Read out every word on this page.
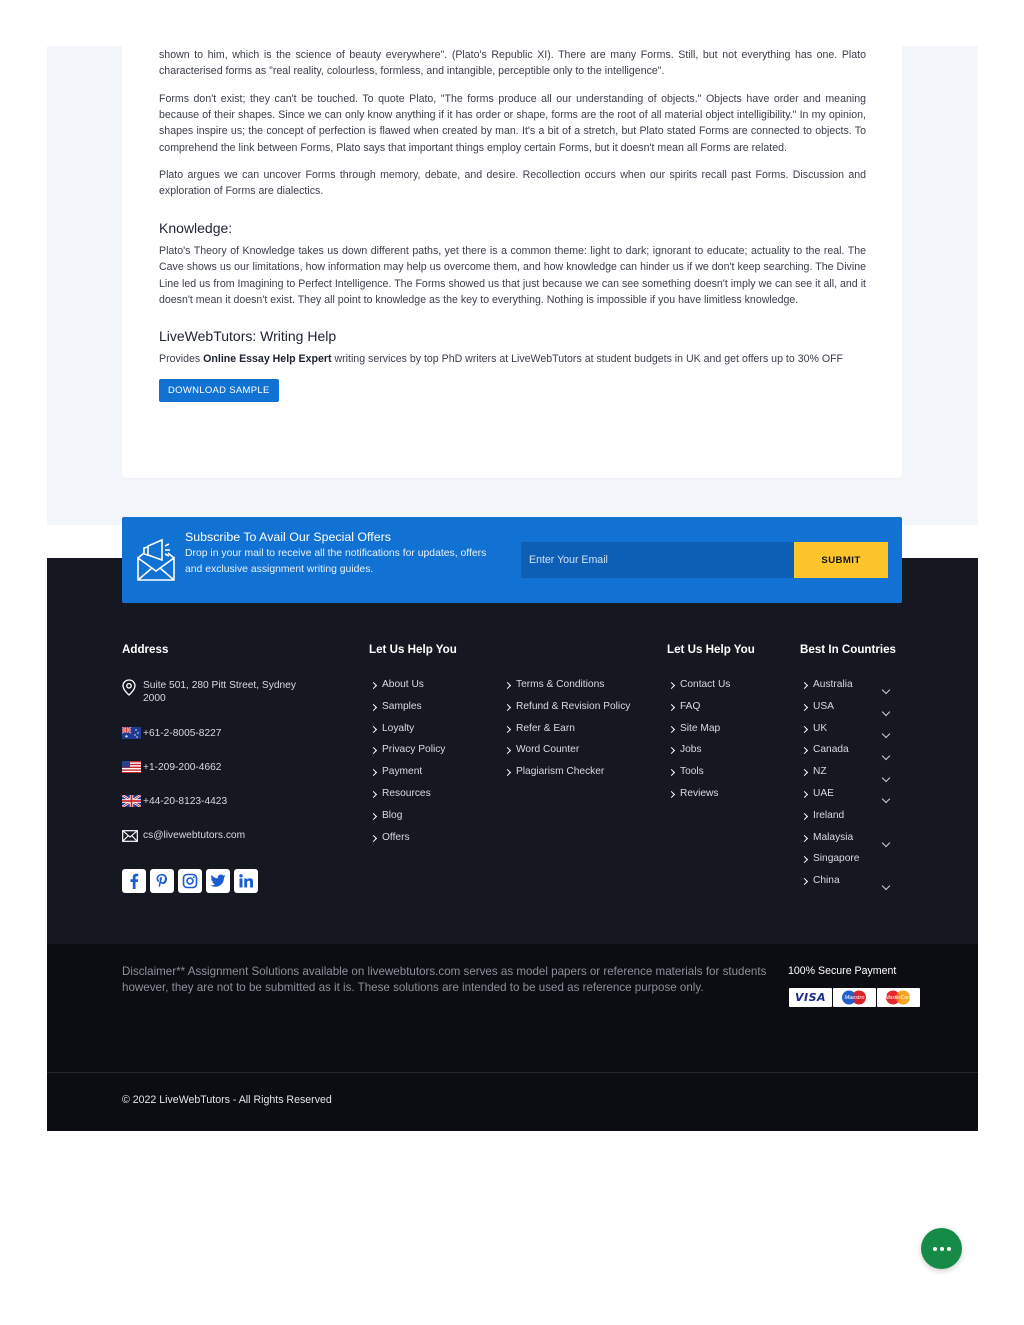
shown to him, which is the science of beauty everywhere". (Plato's Republic XI). There are many Forms. Still, but not everything has one. Plato characterised forms as "real reality, colourless, formless, and intangible, perceptible only to the intelligence".

Forms don't exist; they can't be touched. To quote Plato, "The forms produce all our understanding of objects." Objects have order and meaning because of their shapes. Since we can only know anything if it has order or shape, forms are the root of all material object intelligibility." In my opinion, shapes inspire us; the concept of perfection is flawed when created by man. It's a bit of a stretch, but Plato stated Forms are connected to objects. To comprehend the link between Forms, Plato says that important things employ certain Forms, but it doesn't mean all Forms are related.

Plato argues we can uncover Forms through memory, debate, and desire. Recollection occurs when our spirits recall past Forms. Discussion and exploration of Forms are dialectics.

Knowledge:

Plato's Theory of Knowledge takes us down different paths, yet there is a common theme: light to dark; ignorant to educate; actuality to the real. The Cave shows us our limitations, how information may help us overcome them, and how knowledge can hinder us if we don't keep searching. The Divine Line led us from Imagining to Perfect Intelligence. The Forms showed us that just because we can see something doesn't imply we can see it all, and it doesn't mean it doesn't exist. They all point to knowledge as the key to everything. Nothing is impossible if you have limitless knowledge.

LiveWebTutors: Writing Help

Provides Online Essay Help Expert writing services by top PhD writers at LiveWebTutors at student budgets in UK and get offers up to 30% OFF

DOWNLOAD SAMPLE
Subscribe To Avail Our Special Offers
Drop in your mail to receive all the notifications for updates, offers and exclusive assignment writing guides.
Enter Your Email
SUBMIT
Address	Let Us Help You	Let Us Help You	Best In Countries
Suite 501, 280 Pitt Street, Sydney 2000
+61-2-8005-8227
+1-209-200-4662
+44-20-8123-4423
cs@livewebtutors.com
About Us
Samples
Loyalty
Privacy Policy
Payment
Resources
Blog
Offers
Terms & Conditions
Refund & Revision Policy
Refer & Earn
Word Counter
Plagiarism Checker
Contact Us
FAQ
Site Map
Jobs
Tools
Reviews
Australia
USA
UK
Canada
NZ
UAE
Ireland
Malaysia
Singapore
China
Disclaimer** Assignment Solutions available on livewebtutors.com serves as model papers or reference materials for students however, they are not to be submitted as it is. These solutions are intended to be used as reference purpose only.
100% Secure Payment
VISA	Maestro	MasterCard
© 2022 LiveWebTutors - All Rights Reserved
